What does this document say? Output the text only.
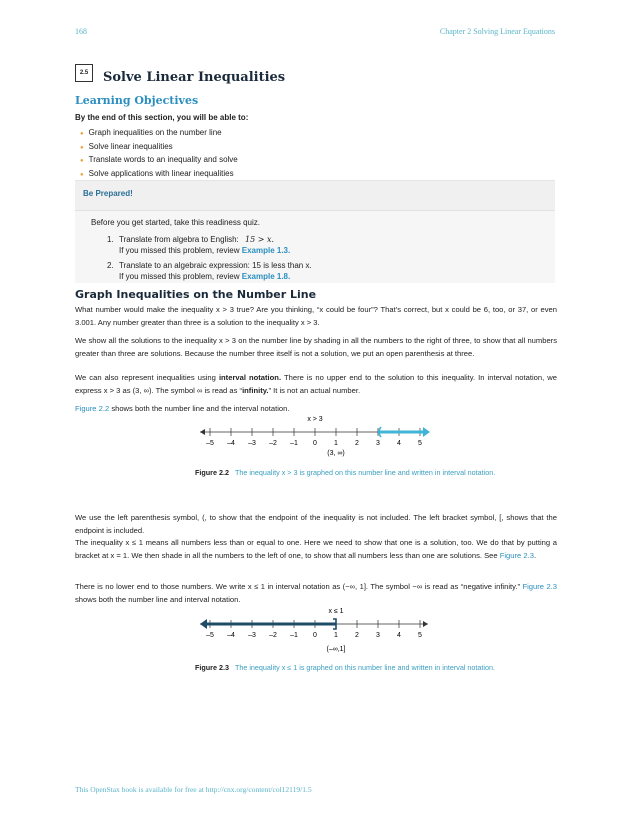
168	Chapter 2 Solving Linear Equations
2.5	Solve Linear Inequalities
Learning Objectives
By the end of this section, you will be able to:
● Graph inequalities on the number line
● Solve linear inequalities
● Translate words to an inequality and solve
● Solve applications with linear inequalities
Be Prepared!
Before you get started, take this readiness quiz.
1. Translate from algebra to English: 15 > x.
If you missed this problem, review Example 1.3.
2. Translate to an algebraic expression: 15 is less than x.
If you missed this problem, review Example 1.8.
Graph Inequalities on the Number Line

What number would make the inequality x > 3 true? Are you thinking, “x could be four”? That’s correct, but x could be 6, too, or 37, or even 3.001. Any number greater than three is a solution to the inequality x > 3.

We show all the solutions to the inequality x > 3 on the number line by shading in all the numbers to the right of three, to show that all numbers greater than three are solutions. Because the number three itself is not a solution, we put an open parenthesis at three.

We can also represent inequalities using interval notation. There is no upper end to the solution to this inequality. In interval notation, we express x > 3 as (3, ∞). The symbol ∞ is read as “infinity.” It is not an actual number.

Figure 2.2 shows both the number line and the interval notation.

x > 3
–5 –4 –3 –2 –1 0 1 2 3 4 5
(3, ∞)
Figure 2.2 The inequality x > 3 is graphed on this number line and written in interval notation.

We use the left parenthesis symbol, (, to show that the endpoint of the inequality is not included. The left bracket symbol, [, shows that the endpoint is included.

The inequality x ≤ 1 means all numbers less than or equal to one. Here we need to show that one is a solution, too. We do that by putting a bracket at x = 1. We then shade in all the numbers to the left of one, to show that all numbers less than one are solutions. See Figure 2.3.

There is no lower end to those numbers. We write x ≤ 1 in interval notation as (−∞, 1]. The symbol −∞ is read as “negative infinity.” Figure 2.3 shows both the number line and interval notation.

x ≤ 1
–5 –4 –3 –2 –1 0 1 2 3 4 5
(–∞,1]
Figure 2.3 The inequality x ≤ 1 is graphed on this number line and written in interval notation.
This OpenStax book is available for free at http://cnx.org/content/col12119/1.5
